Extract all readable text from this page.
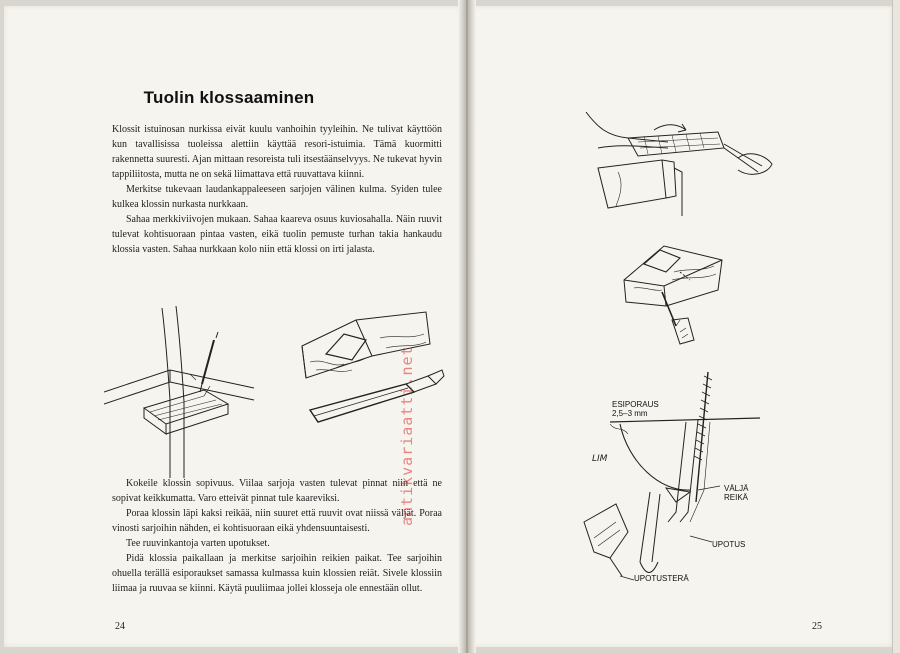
Tuolin klossaaminen

Klossit istuinosan nurkissa eivät kuulu vanhoihin tyyleihin. Ne tulivat käyttöön kun tavallisissa tuoleissa alettiin käyttää resori-istuimia. Tämä kuormitti rakennetta suuresti. Ajan mittaan resoreista tuli itsestäänselvyys. Ne tukevat hyvin tappiliitosta, mutta ne on sekä liimattava että ruuvattava kiinni.

Merkitse tukevaan laudankappaleeseen sarjojen välinen kulma. Syiden tulee kulkea klossin nurkasta nurkkaan.

Sahaa merkkiviivojen mukaan. Sahaa kaareva osuus kuviosahalla. Näin ruuvit tulevat kohtisuoraan pintaa vasten, eikä tuolin pemuste turhan takia hankaudu klossia vasten. Sahaa nurkkaan kolo niin että klossi on irti jalasta.

Kokeile klossin sopivuus. Viilaa sarjoja vasten tulevat pinnat niin että ne sopivat keikkumatta. Varo etteivät pinnat tule kaareviksi.

Poraa klossin läpi kaksi reikää, niin suuret että ruuvit ovat niissä väljät. Poraa vinosti sarjoihin nähden, ei kohtisuoraan eikä yhdensuuntaisesti.

Tee ruuvinkantoja varten upotukset.

Pidä klossia paikallaan ja merkitse sarjoihin reikien paikat. Tee sarjoihin ohuella terällä esiporaukset samassa kulmassa kuin klossien reiät. Sivele klossiin liimaa ja ruuvaa se kiinni. Käytä puuliimaa jollei klosseja ole ennestään ollut.

24
antikvariaatti.net	ESIPORAUS
2,5–3 mm
LIM
VÄLJÄ
REIKÄ
UPOTUS
UPOTUSTERÄ
25
